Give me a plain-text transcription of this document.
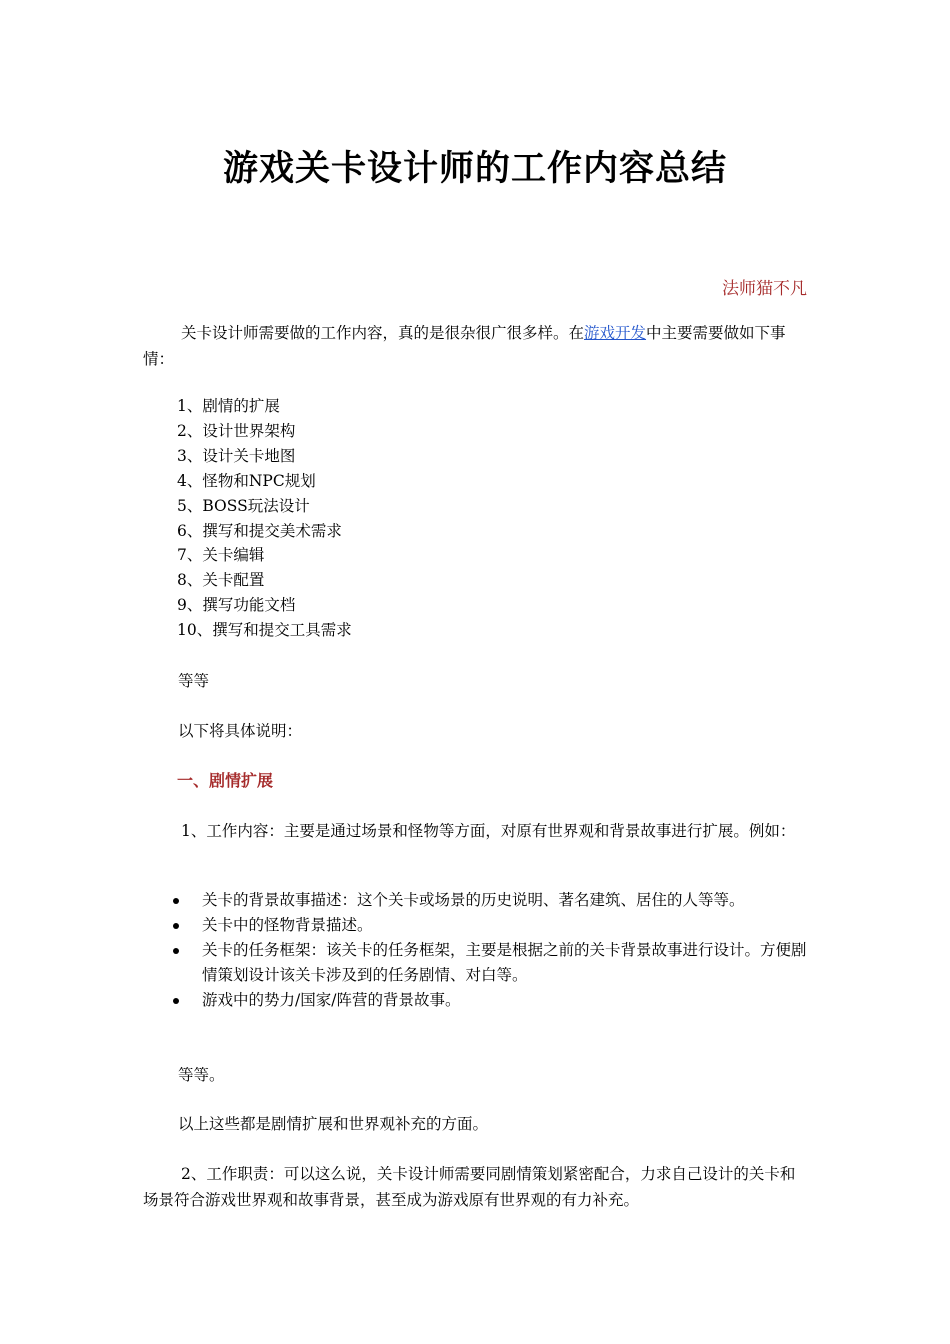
游戏关卡设计师的工作内容总结
法师猫不凡

关卡设计师需要做的工作内容，真的是很杂很广很多样。在游戏开发中主要需要做如下事情：

1、剧情的扩展
2、设计世界架构
3、设计关卡地图
4、怪物和NPC规划
5、BOSS玩法设计
6、撰写和提交美术需求
7、关卡编辑
8、关卡配置
9、撰写功能文档
10、撰写和提交工具需求
等等
以下将具体说明：
一、剧情扩展

1、工作内容：主要是通过场景和怪物等方面，对原有世界观和背景故事进行扩展。例如：

关卡的背景故事描述：这个关卡或场景的历史说明、著名建筑、居住的人等等。
关卡中的怪物背景描述。
关卡的任务框架：该关卡的任务框架，主要是根据之前的关卡背景故事进行设计。方便剧情策划设计该关卡涉及到的任务剧情、对白等。
游戏中的势力/国家/阵营的背景故事。
等等。
以上这些都是剧情扩展和世界观补充的方面。

2、工作职责：可以这么说，关卡设计师需要同剧情策划紧密配合，力求自己设计的关卡和场景符合游戏世界观和故事背景，甚至成为游戏原有世界观的有力补充。
